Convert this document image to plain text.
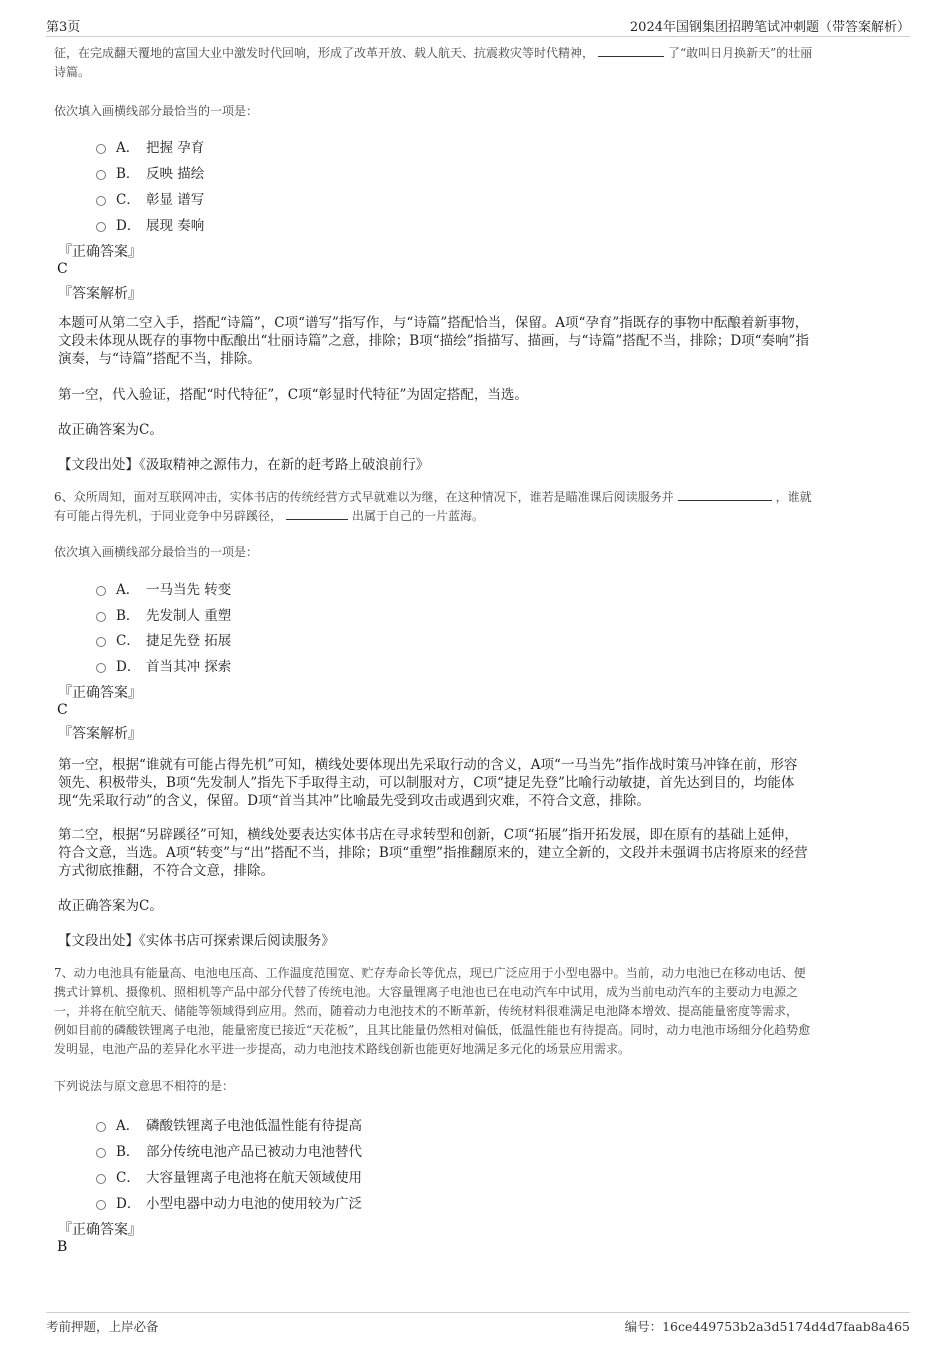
第3页	2024年国钢集团招聘笔试冲刺题（带答案解析）
征，在完成翻天覆地的富国大业中激发时代回响，形成了改革开放、载人航天、抗震救灾等时代精神，	了“敢叫日月换新天”的壮丽
诗篇。
依次填入画横线部分最恰当的一项是：
A． 把握 孕育
B． 反映 描绘
C． 彰显 谱写
D． 展现 奏响
『正确答案』
C
『答案解析』
本题可从第二空入手，搭配“诗篇”，C项“谱写”指写作，与“诗篇”搭配恰当，保留。A项“孕育”指既存的事物中酝酿着新事物，
文段未体现从既存的事物中酝酿出“壮丽诗篇”之意，排除；B项“描绘”指描写、描画，与“诗篇”搭配不当，排除；D项“奏响”指
演奏，与“诗篇”搭配不当，排除。
第一空，代入验证，搭配“时代特征”，C项“彰显时代特征”为固定搭配，当选。
故正确答案为C。
【文段出处】《汲取精神之源伟力，在新的赶考路上破浪前行》
6、众所周知，面对互联网冲击，实体书店的传统经营方式早就难以为继，在这种情况下，谁若是瞄准课后阅读服务并	，谁就
有可能占得先机，于同业竞争中另辟蹊径，	出属于自己的一片蓝海。
依次填入画横线部分最恰当的一项是：
A． 一马当先 转变
B． 先发制人 重塑
C． 捷足先登 拓展
D． 首当其冲 探索
『正确答案』
C
『答案解析』
第一空，根据“谁就有可能占得先机”可知，横线处要体现出先采取行动的含义，A项“一马当先”指作战时策马冲锋在前，形容
领先、积极带头，B项“先发制人”指先下手取得主动，可以制服对方，C项“捷足先登”比喻行动敏捷，首先达到目的，均能体
现“先采取行动”的含义，保留。D项“首当其冲”比喻最先受到攻击或遇到灾难，不符合文意，排除。
第二空，根据“另辟蹊径”可知，横线处要表达实体书店在寻求转型和创新，C项“拓展”指开拓发展，即在原有的基础上延伸，
符合文意，当选。A项“转变”与“出”搭配不当，排除；B项“重塑”指推翻原来的，建立全新的，文段并未强调书店将原来的经营
方式彻底推翻，不符合文意，排除。
故正确答案为C。
【文段出处】《实体书店可探索课后阅读服务》
7、动力电池具有能量高、电池电压高、工作温度范围宽、贮存寿命长等优点，现已广泛应用于小型电器中。当前，动力电池已在移动电话、便
携式计算机、摄像机、照相机等产品中部分代替了传统电池。大容量锂离子电池也已在电动汽车中试用，成为当前电动汽车的主要动力电源之
一，并将在航空航天、储能等领域得到应用。然而，随着动力电池技术的不断革新，传统材料很难满足电池降本增效、提高能量密度等需求，
例如目前的磷酸铁锂离子电池，能量密度已接近“天花板”，且其比能量仍然相对偏低，低温性能也有待提高。同时，动力电池市场细分化趋势愈
发明显，电池产品的差异化水平进一步提高，动力电池技术路线创新也能更好地满足多元化的场景应用需求。
下列说法与原文意思不相符的是：
A． 磷酸铁锂离子电池低温性能有待提高
B． 部分传统电池产品已被动力电池替代
C． 大容量锂离子电池将在航天领域使用
D． 小型电器中动力电池的使用较为广泛
『正确答案』
B
考前押题，上岸必备	编号：16ce449753b2a3d5174d4d7faab8a465
